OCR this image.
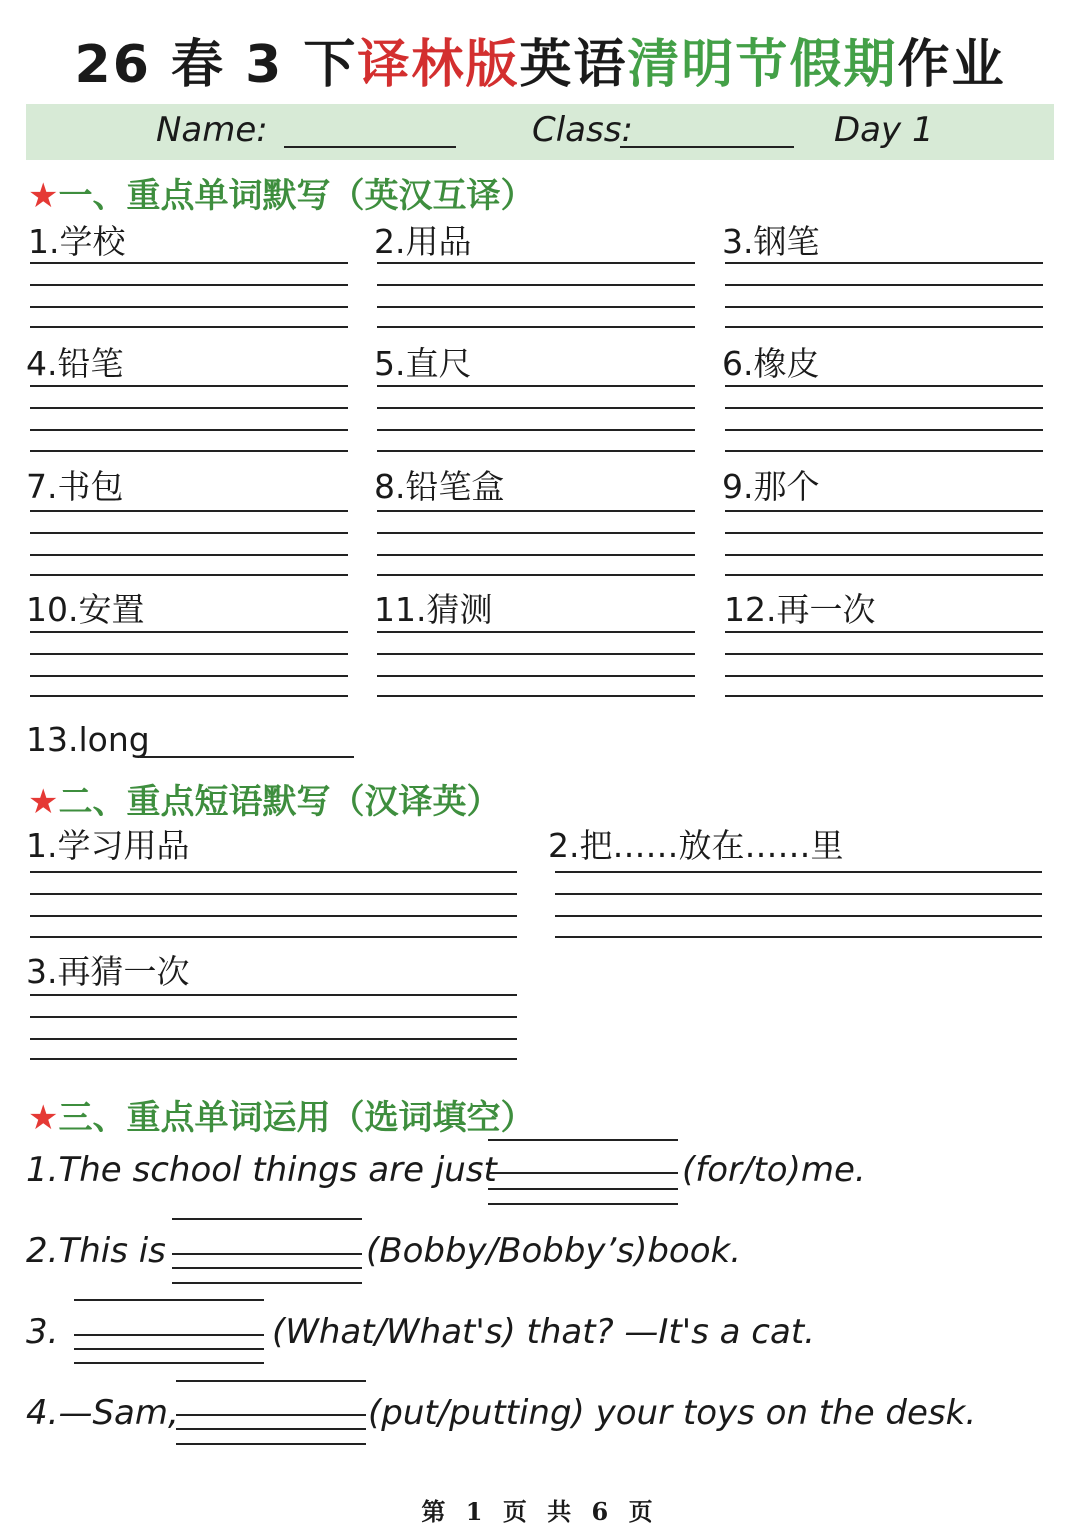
26 春 3 下译林版英语清明节假期作业
Name:	Class:	Day 1
★一、重点单词默写（英汉互译）
1.学校	2.用品	3.钢笔
4.铅笔	5.直尺	6.橡皮
7.书包	8.铅笔盒	9.那个
10.安置	11.猜测	12.再一次
13.long
★二、重点短语默写（汉译英）
1.学习用品	2.把……放在……里
3.再猜一次
★三、重点单词运用（选词填空）
1.The school things are just	(for/to)me.
2.This is	(Bobby/Bobby’s)book.
3.	(What/What's) that? —It's a cat.
4.—Sam,	(put/putting) your toys on the desk.
第 1 页 共 6 页
